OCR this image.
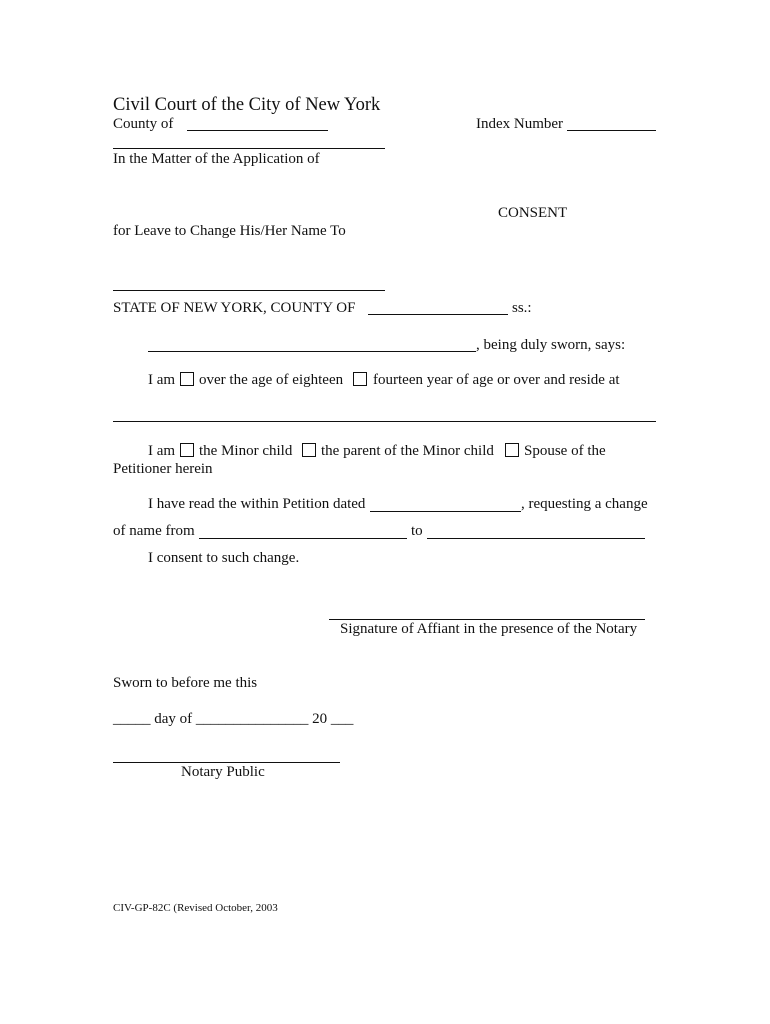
Civil Court of the City of New York
County of	Index Number
In the Matter of the Application of
CONSENT
for Leave to Change His/Her Name To
STATE OF NEW YORK, COUNTY OF	ss.:
, being duly sworn, says:
I am over the age of eighteen fourteen year of age or over and reside at
I am the Minor child the parent of the Minor child Spouse of the
Petitioner herein
I have read the within Petition dated	, requesting a change
of name from	to
I consent to such change.
Signature of Affiant in the presence of the Notary
Sworn to before me this
_____ day of _______________ 20 ___
Notary Public
CIV-GP-82C (Revised October, 2003
